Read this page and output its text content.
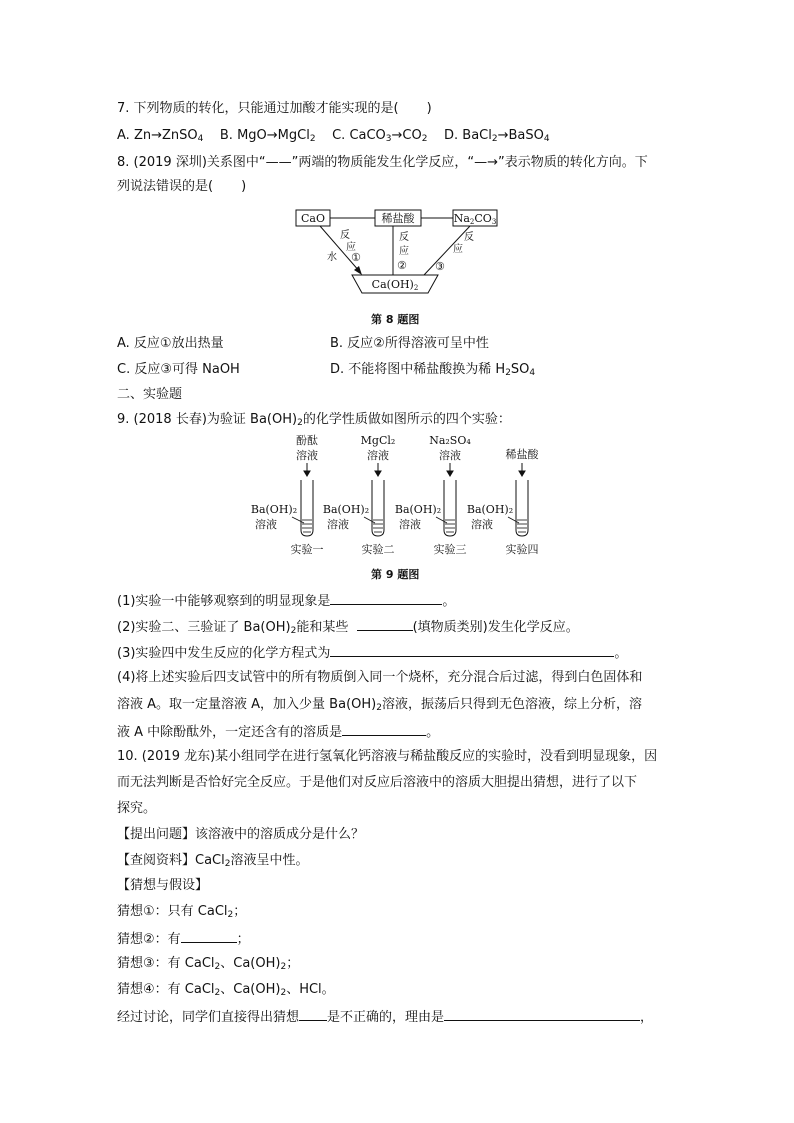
7. 下列物质的转化，只能通过加酸才能实现的是( )
A. Zn→ZnSO$_4$ B. MgO→MgCl$_2$ C. $CaCO_3\to CO_2$ D. BaCl$_2$→BaSO$_4$
8. (2019 深圳)关系图中“——”两端的物质能发生化学反应，“—→”表示物质的转化方向。下
列说法错误的是( )
CaO	稀盐酸	Na2CO3
Ca(OH)2
反
应
水 ①
反
应
②
反
应
③
第 8 题图
A. 反应①放出热量	B. 反应②所得溶液可呈中性
C. 反应③可得 NaOH	D. 不能将图中稀盐酸换为稀 $H_2SO_4$
二、实验题
9. (2018 长春)为验证 $Ba(OH)_2$的化学性质做如图所示的四个实验：
酚酞
溶液
MgCl₂
溶液
Na₂SO₄
溶液	稀盐酸
Ba(OH)₂
溶液
Ba(OH)₂
溶液
Ba(OH)₂
溶液
Ba(OH)₂
溶液
实验一	实验二	实验三	实验四
第 9 题图
(1)实验一中能够观察到的明显现象是	。
(2)实验二、三验证了 $Ba(OH)_2$能和某些	(填物质类别)发生化学反应。
(3)实验四中发生反应的化学方程式为	。
(4)将上述实验后四支试管中的所有物质倒入同一个烧杯，充分混合后过滤，得到白色固体和
溶液 A。取一定量溶液 A，加入少量 $Ba(OH)_2$溶液，振荡后只得到无色溶液，综上分析，溶
液 A 中除酚酞外，一定还含有的溶质是	。
10. (2019 龙东)某小组同学在进行氢氧化钙溶液与稀盐酸反应的实验时，没看到明显现象，因
而无法判断是否恰好完全反应。于是他们对反应后溶液中的溶质大胆提出猜想，进行了以下
探究。
【提出问题】该溶液中的溶质成分是什么？
【查阅资料】CaCl$_2$溶液呈中性。
【猜想与假设】
猜想①：只有 CaCl$_2$；
猜想②：有	；
猜想③：有 CaCl$_2$、$Ca(OH)_2$；
猜想④：有 CaCl$_2$、$Ca(OH)_2$、HCl。
经过讨论，同学们直接得出猜想 是不正确的，理由是	，
